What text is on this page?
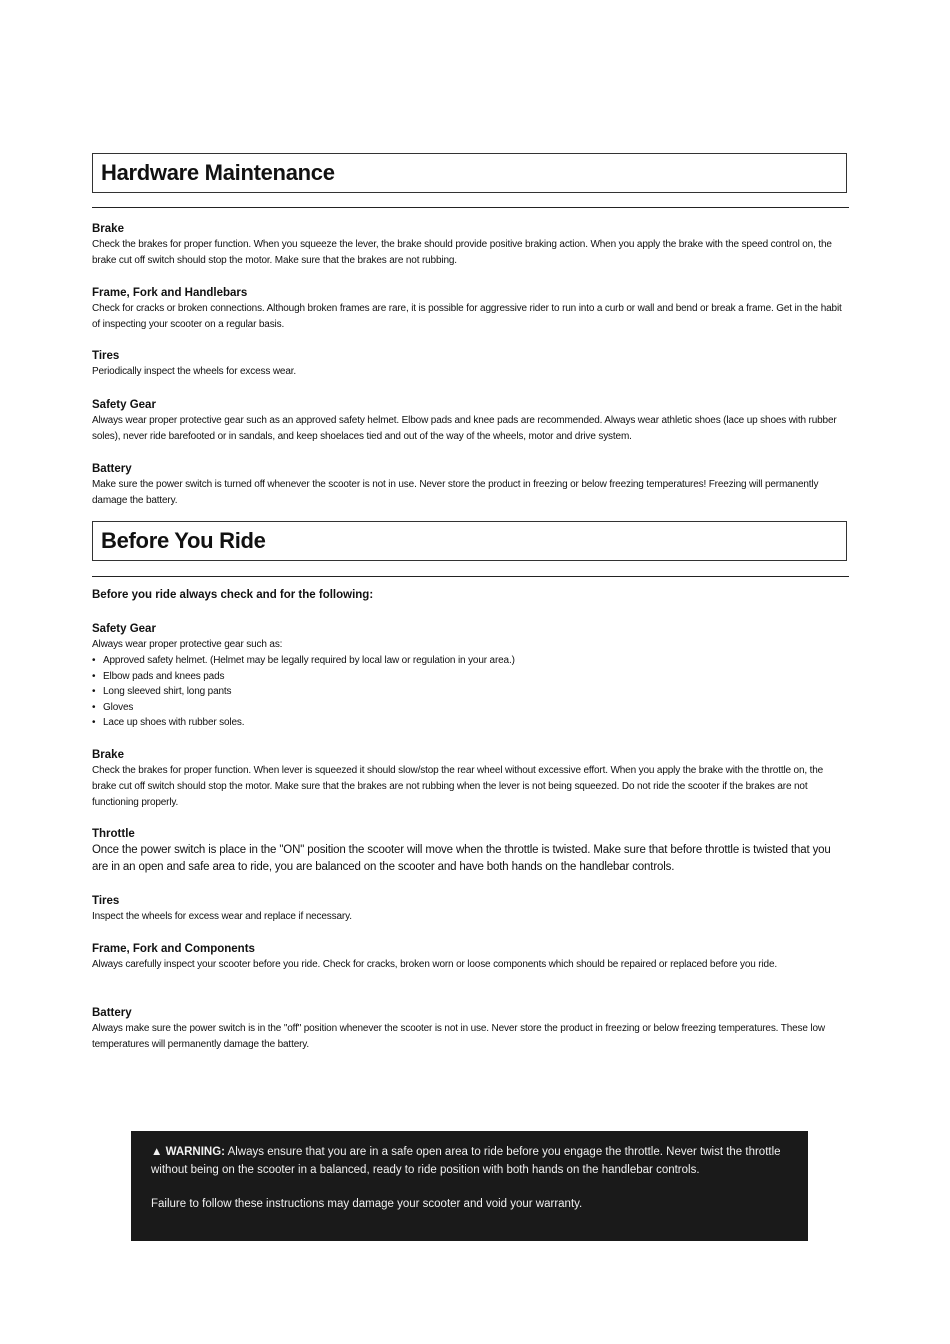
Hardware Maintenance
Brake
Check the brakes for proper function. When you squeeze the lever, the brake should provide positive braking action. When you apply the brake with the speed control on, the brake cut off switch should stop the motor. Make sure that the brakes are not rubbing.
Frame, Fork and Handlebars
Check for cracks or broken connections. Although broken frames are rare, it is possible for aggressive rider to run into a curb or wall and bend or break a frame. Get in the habit of inspecting your scooter on a regular basis.
Tires
Periodically inspect the wheels for excess wear.
Safety Gear
Always wear proper protective gear such as an approved safety helmet. Elbow pads and knee pads are recommended. Always wear athletic shoes (lace up shoes with rubber soles), never ride barefooted or in sandals, and keep shoelaces tied and out of the way of the wheels, motor and drive system.
Battery
Make sure the power switch is turned off whenever the scooter is not in use. Never store the product in freezing or below freezing temperatures! Freezing will permanently damage the battery.
Before You Ride
Before you ride always check and for the following:
Safety Gear
Always wear proper protective gear such as:
• Approved safety helmet. (Helmet may be legally required by local law or regulation in your area.)
• Elbow pads and knees pads
• Long sleeved shirt, long pants
• Gloves
• Lace up shoes with rubber soles.
Brake
Check the brakes for proper function. When lever is squeezed it should slow/stop the rear wheel without excessive effort. When you apply the brake with the throttle on, the brake cut off switch should stop the motor. Make sure that the brakes are not rubbing when the lever is not being squeezed. Do not ride the scooter if the brakes are not functioning properly.
Throttle
Once the power switch is place in the "ON" position the scooter will move when the throttle is twisted. Make sure that before throttle is twisted that you are in an open and safe area to ride, you are balanced on the scooter and have both hands on the handlebar controls.
Tires
Inspect the wheels for excess wear and replace if necessary.
Frame, Fork and Components
Always carefully inspect your scooter before you ride. Check for cracks, broken worn or loose components which should be repaired or replaced before you ride.
Battery
Always make sure the power switch is in the "off" position whenever the scooter is not in use. Never store the product in freezing or below freezing temperatures. These low temperatures will permanently damage the battery.
▲ WARNING: Always ensure that you are in a safe open area to ride before you engage the throttle. Never twist the throttle without being on the scooter in a balanced, ready to ride position with both hands on the handlebar controls.
Failure to follow these instructions may damage your scooter and void your warranty.
